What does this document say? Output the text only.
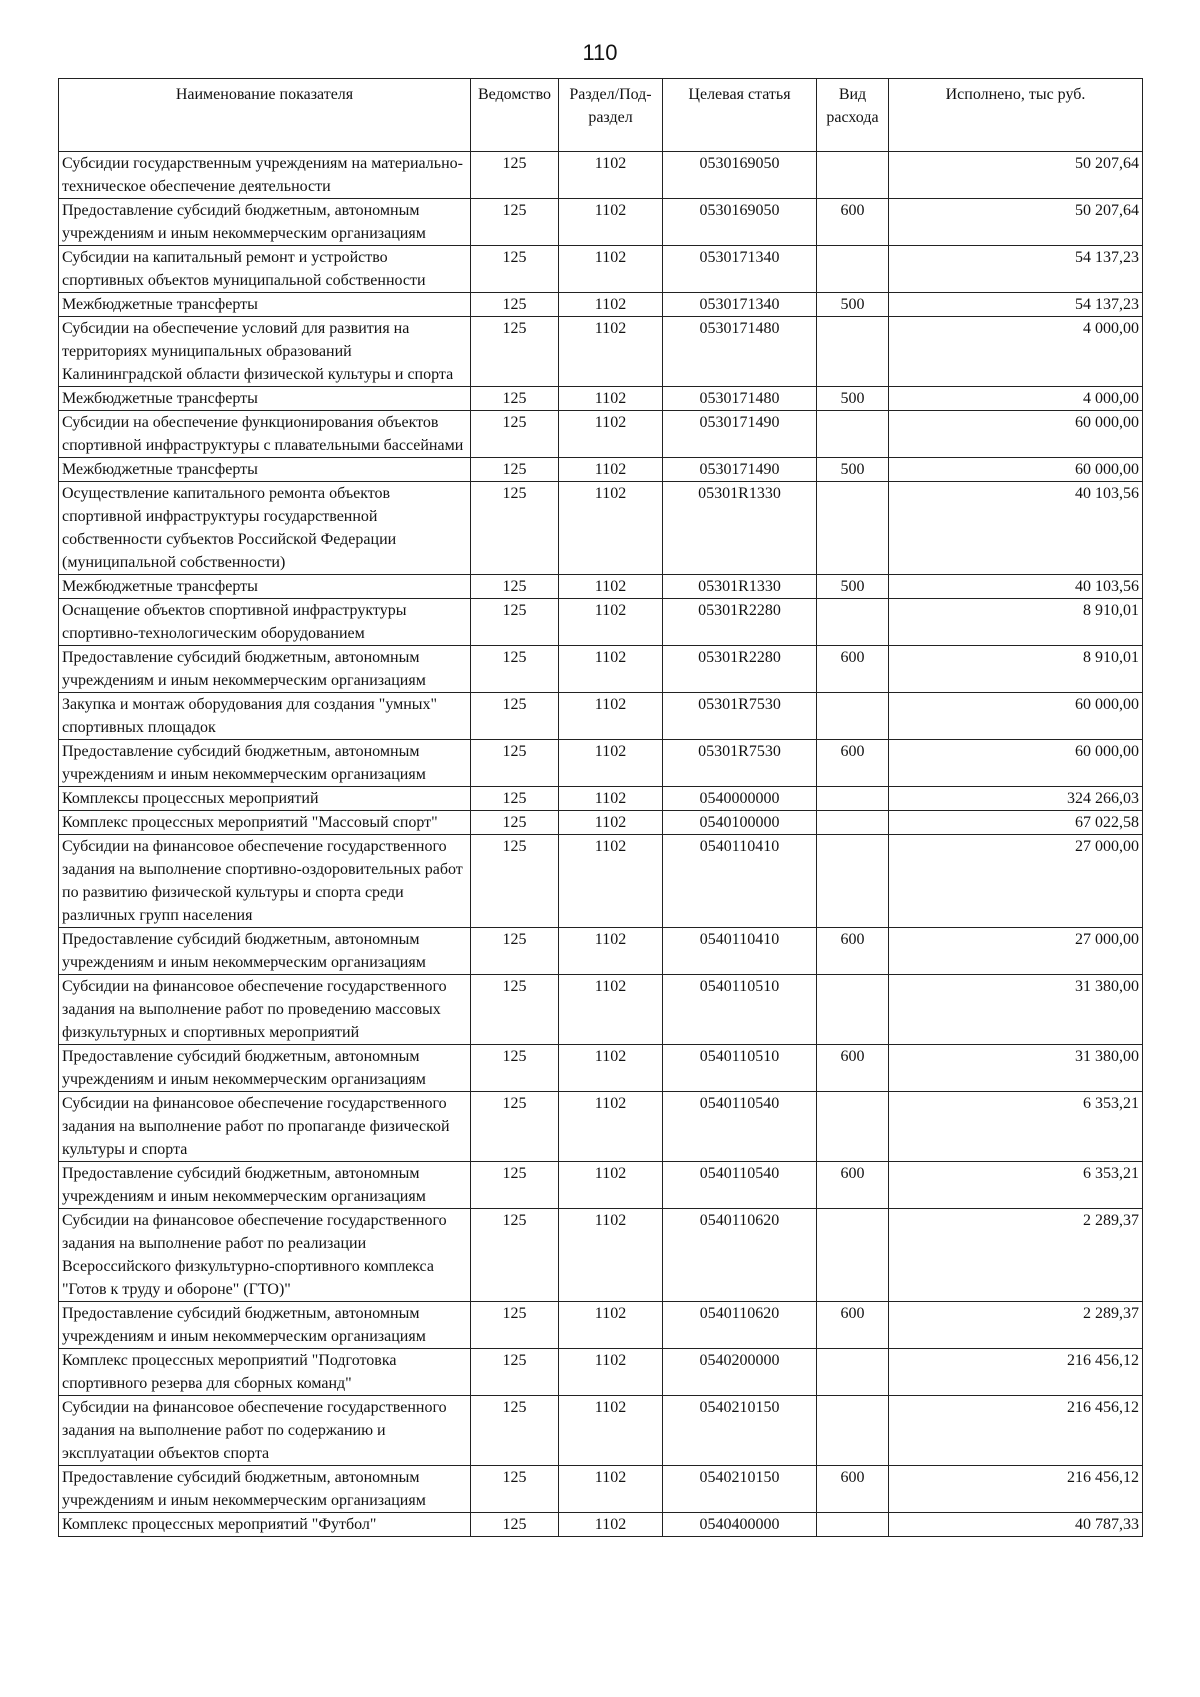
110
Наименование показателя	Ведомство	Раздел/Под-раздел	Целевая статья	Вид расхода	Исполнено, тыс руб.
Субсидии государственным учреждениям на материально-техническое обеспечение деятельности	125	1102	0530169050		50 207,64
Предоставление субсидий бюджетным, автономным учреждениям и иным некоммерческим организациям	125	1102	0530169050	600	50 207,64
Субсидии на капитальный ремонт и устройство спортивных объектов муниципальной собственности	125	1102	0530171340		54 137,23
Межбюджетные трансферты	125	1102	0530171340	500	54 137,23
Субсидии на обеспечение условий для развития на территориях муниципальных образований Калининградской области физической культуры и спорта	125	1102	0530171480		4 000,00
Межбюджетные трансферты	125	1102	0530171480	500	4 000,00
Субсидии на обеспечение функционирования объектов спортивной инфраструктуры с плавательными бассейнами	125	1102	0530171490		60 000,00
Межбюджетные трансферты	125	1102	0530171490	500	60 000,00
Осуществление капитального ремонта объектов спортивной инфраструктуры государственной собственности субъектов Российской Федерации (муниципальной собственности)	125	1102	05301R1330		40 103,56
Межбюджетные трансферты	125	1102	05301R1330	500	40 103,56
Оснащение объектов спортивной инфраструктуры спортивно-технологическим оборудованием	125	1102	05301R2280		8 910,01
Предоставление субсидий бюджетным, автономным учреждениям и иным некоммерческим организациям	125	1102	05301R2280	600	8 910,01
Закупка и монтаж оборудования для создания "умных" спортивных площадок	125	1102	05301R7530		60 000,00
Предоставление субсидий бюджетным, автономным учреждениям и иным некоммерческим организациям	125	1102	05301R7530	600	60 000,00
Комплексы процессных мероприятий	125	1102	0540000000		324 266,03
Комплекс процессных мероприятий "Массовый спорт"	125	1102	0540100000		67 022,58
Субсидии на финансовое обеспечение государственного задания на выполнение спортивно-оздоровительных работ по развитию физической культуры и спорта среди различных групп населения	125	1102	0540110410		27 000,00
Предоставление субсидий бюджетным, автономным учреждениям и иным некоммерческим организациям	125	1102	0540110410	600	27 000,00
Субсидии на финансовое обеспечение государственного задания на выполнение работ по проведению массовых физкультурных и спортивных мероприятий	125	1102	0540110510		31 380,00
Предоставление субсидий бюджетным, автономным учреждениям и иным некоммерческим организациям	125	1102	0540110510	600	31 380,00
Субсидии на финансовое обеспечение государственного задания на выполнение работ по пропаганде физической культуры и спорта	125	1102	0540110540		6 353,21
Предоставление субсидий бюджетным, автономным учреждениям и иным некоммерческим организациям	125	1102	0540110540	600	6 353,21
Субсидии на финансовое обеспечение государственного задания на выполнение работ по реализации Всероссийского физкультурно-спортивного комплекса "Готов к труду и обороне" (ГТО)"	125	1102	0540110620		2 289,37
Предоставление субсидий бюджетным, автономным учреждениям и иным некоммерческим организациям	125	1102	0540110620	600	2 289,37
Комплекс процессных мероприятий "Подготовка спортивного резерва для сборных команд"	125	1102	0540200000		216 456,12
Субсидии на финансовое обеспечение государственного задания на выполнение работ по содержанию и эксплуатации объектов спорта	125	1102	0540210150		216 456,12
Предоставление субсидий бюджетным, автономным учреждениям и иным некоммерческим организациям	125	1102	0540210150	600	216 456,12
Комплекс процессных мероприятий "Футбол"	125	1102	0540400000		40 787,33
